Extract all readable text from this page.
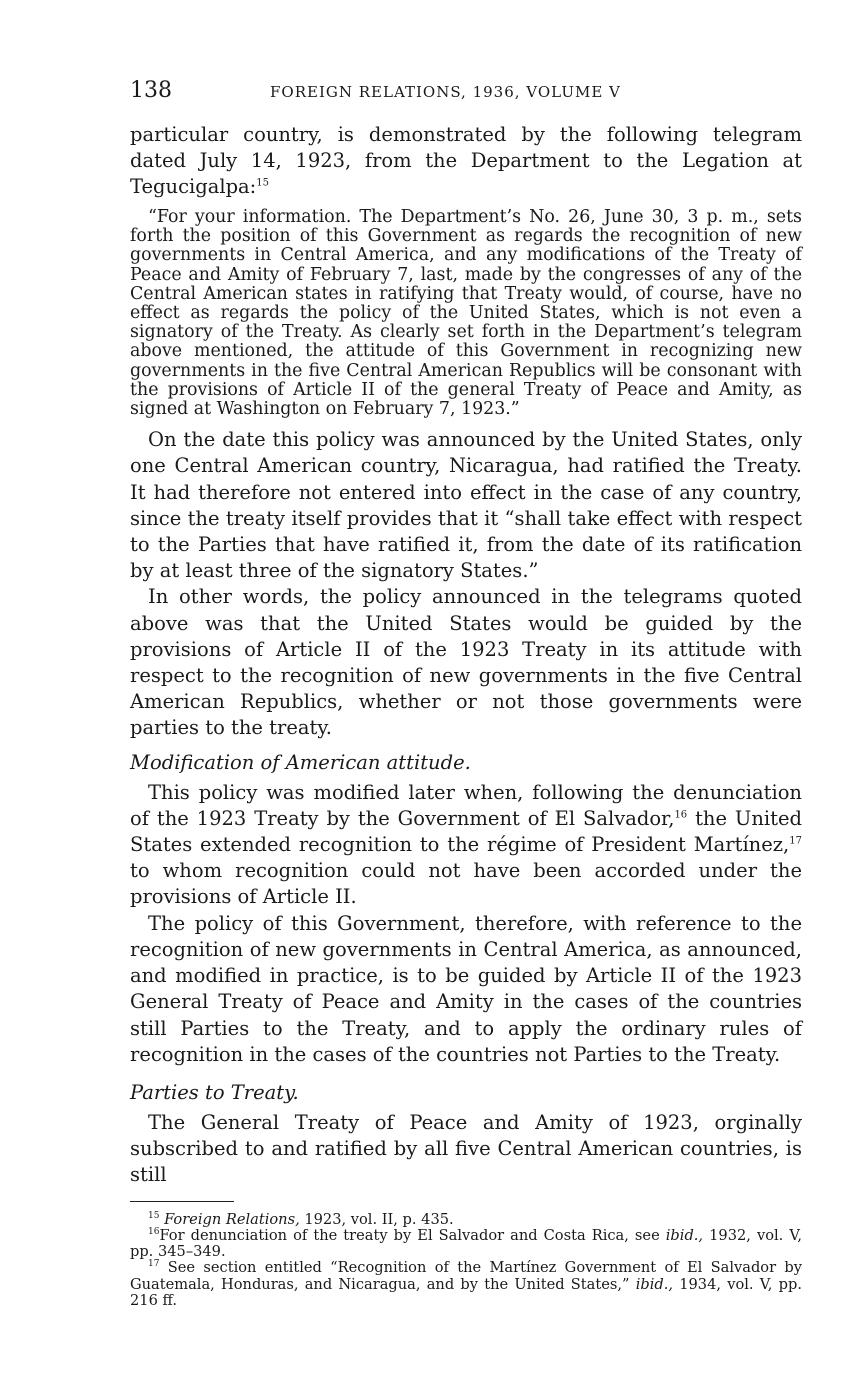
138	FOREIGN RELATIONS, 1936, VOLUME V

particular country, is demonstrated by the following telegram dated July 14, 1923, from the Department to the Legation at Tegucigalpa:$^{15}$

“For your information. The Department’s No. 26, June 30, 3 p. m., sets forth the position of this Government as regards the recognition of new governments in Central America, and any modifications of the Treaty of Peace and Amity of February 7, last, made by the congresses of any of the Central American states in ratifying that Treaty would, of course, have no effect as regards the policy of the United States, which is not even a signatory of the Treaty. As clearly set forth in the Department’s telegram above mentioned, the attitude of this Government in recognizing new governments in the five Central American Republics will be consonant with the provisions of Article II of the general Treaty of Peace and Amity, as signed at Washington on February 7, 1923.”

On the date this policy was announced by the United States, only one Central American country, Nicaragua, had ratified the Treaty. It had therefore not entered into effect in the case of any country, since the treaty itself provides that it “shall take effect with respect to the Parties that have ratified it, from the date of its ratification by at least three of the signatory States.”

In other words, the policy announced in the telegrams quoted above was that the United States would be guided by the provisions of Article II of the 1923 Treaty in its attitude with respect to the recognition of new governments in the five Central American Republics, whether or not those governments were parties to the treaty.

Modification of American attitude.

This policy was modified later when, following the denunciation of the 1923 Treaty by the Government of El Salvador,$^{16}$ the United States extended recognition to the régime of President Martínez,$^{17}$ to whom recognition could not have been accorded under the provisions of Article II.

The policy of this Government, therefore, with reference to the recognition of new governments in Central America, as announced, and modified in practice, is to be guided by Article II of the 1923 General Treaty of Peace and Amity in the cases of the countries still Parties to the Treaty, and to apply the ordinary rules of recognition in the cases of the countries not Parties to the Treaty.

Parties to Treaty.

The General Treaty of Peace and Amity of 1923, orginally subscribed to and ratified by all five Central American countries, is still

$^{15}$ Foreign Relations, 1923, vol. II, p. 435.

$^{16}$For denunciation of the treaty by El Salvador and Costa Rica, see ibid., 1932, vol. V, pp. 345–349.

$^{17}$ See section entitled “Recognition of the Martínez Government of El Salvador by Guatemala, Honduras, and Nicaragua, and by the United States,” ibid., 1934, vol. V, pp. 216 ff.
